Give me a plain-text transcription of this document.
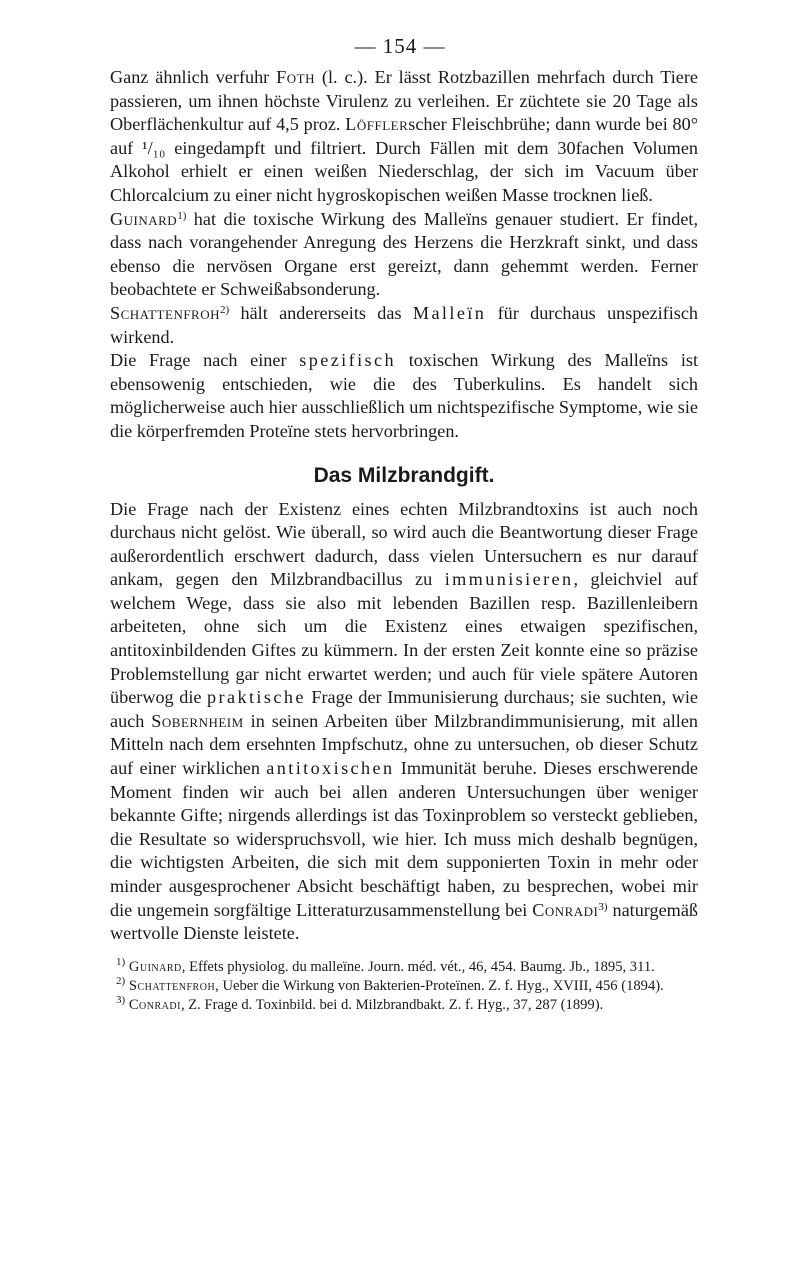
— 154 —

Ganz ähnlich verfuhr Foth (l. c.). Er lässt Rotzbazillen mehrfach durch Tiere passieren, um ihnen höchste Virulenz zu verleihen. Er züchtete sie 20 Tage als Oberflächenkultur auf 4,5 proz. Löfflerscher Fleischbrühe; dann wurde bei 80° auf ¹/₁₀ eingedampft und filtriert. Durch Fällen mit dem 30fachen Volumen Alkohol erhielt er einen weißen Niederschlag, der sich im Vacuum über Chlorcalcium zu einer nicht hygroskopischen weißen Masse trocknen ließ.

Guinard$^{1)}$ hat die toxische Wirkung des Malleïns genauer studiert. Er findet, dass nach vorangehender Anregung des Herzens die Herzkraft sinkt, und dass ebenso die nervösen Organe erst gereizt, dann gehemmt werden. Ferner beobachtete er Schweißabsonderung.

Schattenfroh$^{2)}$ hält andererseits das Malleïn für durchaus unspezifisch wirkend.

Die Frage nach einer spezifisch toxischen Wirkung des Malleïns ist ebensowenig entschieden, wie die des Tuberkulins. Es handelt sich möglicherweise auch hier ausschließlich um nichtspezifische Symptome, wie sie die körperfremden Proteïne stets hervorbringen.

Das Milzbrandgift.

Die Frage nach der Existenz eines echten Milzbrandtoxins ist auch noch durchaus nicht gelöst. Wie überall, so wird auch die Beantwortung dieser Frage außerordentlich erschwert dadurch, dass vielen Untersuchern es nur darauf ankam, gegen den Milzbrandbacillus zu immunisieren, gleichviel auf welchem Wege, dass sie also mit lebenden Bazillen resp. Bazillenleibern arbeiteten, ohne sich um die Existenz eines etwaigen spezifischen, antitoxinbildenden Giftes zu kümmern. In der ersten Zeit konnte eine so präzise Problemstellung gar nicht erwartet werden; und auch für viele spätere Autoren überwog die praktische Frage der Immunisierung durchaus; sie suchten, wie auch Sobernheim in seinen Arbeiten über Milzbrandimmunisierung, mit allen Mitteln nach dem ersehnten Impfschutz, ohne zu untersuchen, ob dieser Schutz auf einer wirklichen antitoxischen Immunität beruhe. Dieses erschwerende Moment finden wir auch bei allen anderen Untersuchungen über weniger bekannte Gifte; nirgends allerdings ist das Toxinproblem so versteckt geblieben, die Resultate so widerspruchsvoll, wie hier. Ich muss mich deshalb begnügen, die wichtigsten Arbeiten, die sich mit dem supponierten Toxin in mehr oder minder ausgesprochener Absicht beschäftigt haben, zu besprechen, wobei mir die ungemein sorgfältige Litteraturzusammenstellung bei Conradi$^{3)}$ naturgemäß wertvolle Dienste leistete.

$^{1)}$ Guinard, Effets physiolog. du malleïne. Journ. méd. vét., 46, 454. Baumg. Jb., 1895, 311.

$^{2)}$ Schattenfroh, Ueber die Wirkung von Bakterien-Proteïnen. Z. f. Hyg., XVIII, 456 (1894).

$^{3)}$ Conradi, Z. Frage d. Toxinbild. bei d. Milzbrandbakt. Z. f. Hyg., 37, 287 (1899).
